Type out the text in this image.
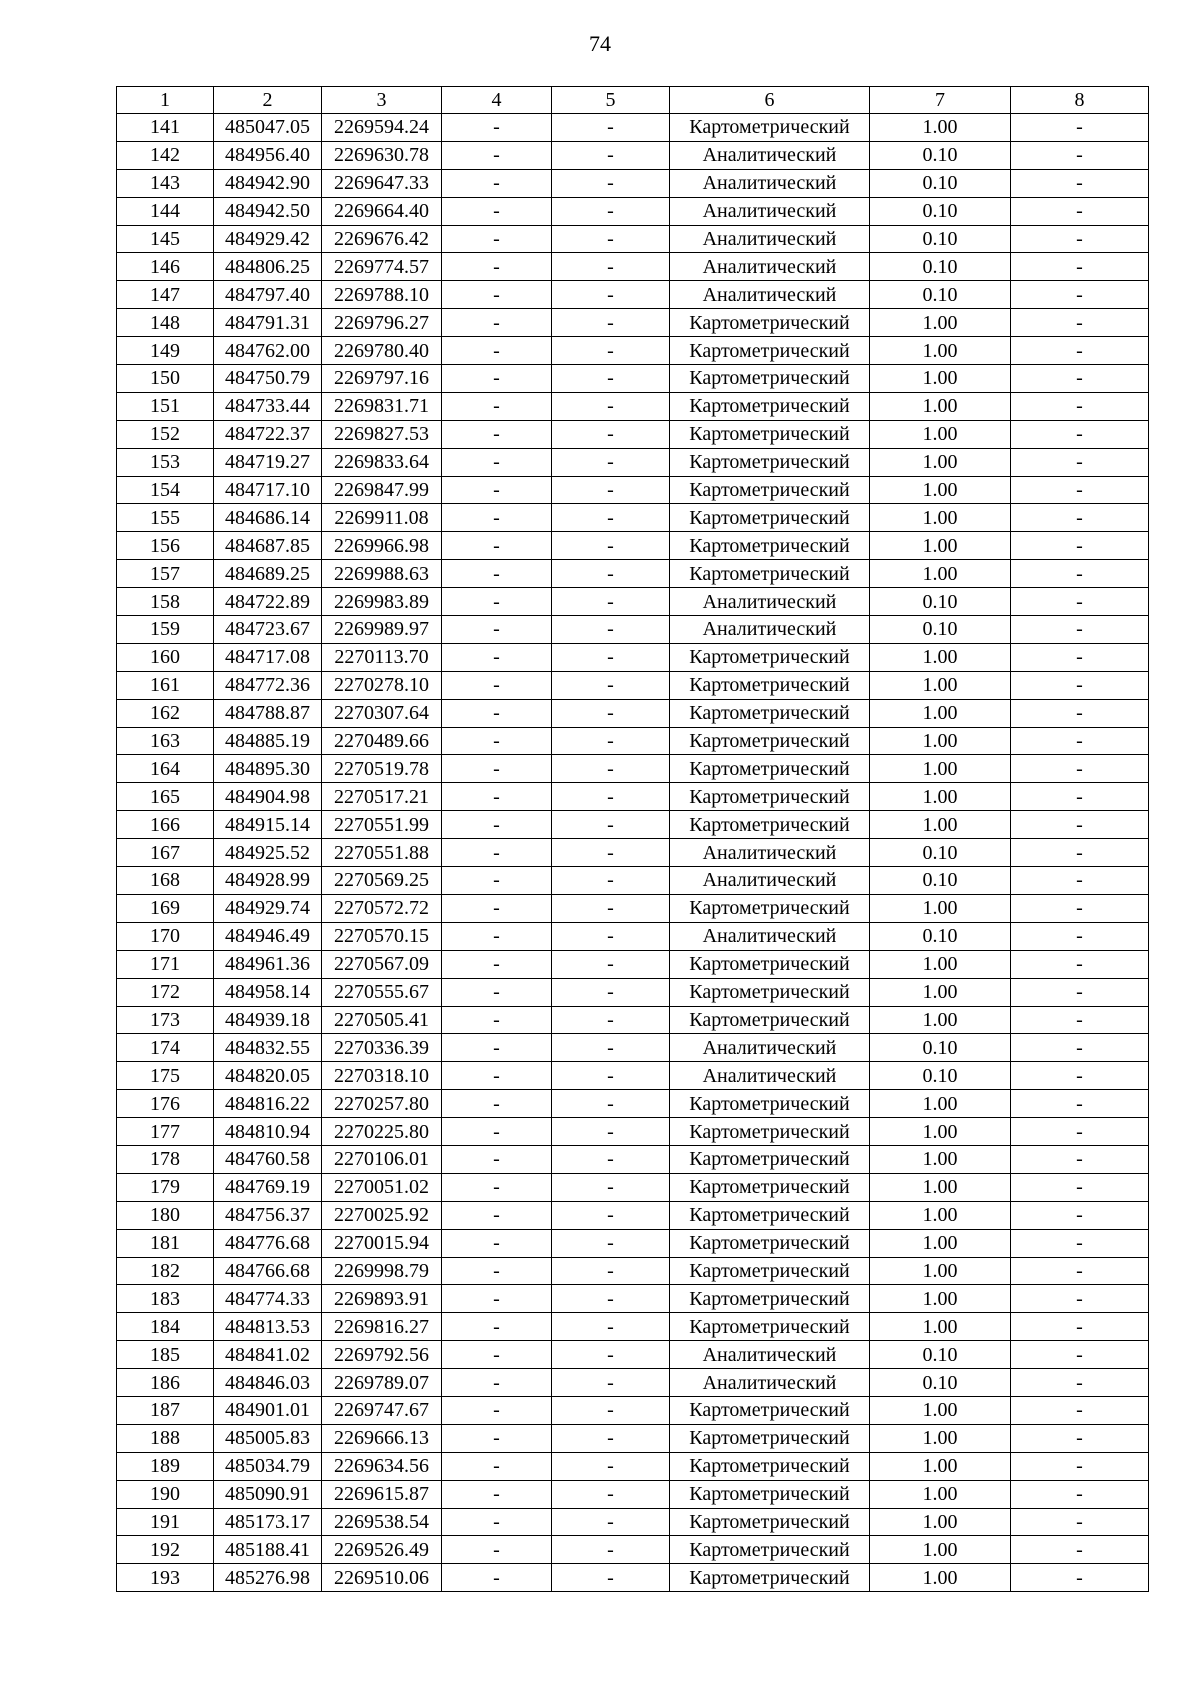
74
1	2	3	4	5	6	7	8
141	485047.05	2269594.24	-	-	Картометрический	1.00	-
142	484956.40	2269630.78	-	-	Аналитический	0.10	-
143	484942.90	2269647.33	-	-	Аналитический	0.10	-
144	484942.50	2269664.40	-	-	Аналитический	0.10	-
145	484929.42	2269676.42	-	-	Аналитический	0.10	-
146	484806.25	2269774.57	-	-	Аналитический	0.10	-
147	484797.40	2269788.10	-	-	Аналитический	0.10	-
148	484791.31	2269796.27	-	-	Картометрический	1.00	-
149	484762.00	2269780.40	-	-	Картометрический	1.00	-
150	484750.79	2269797.16	-	-	Картометрический	1.00	-
151	484733.44	2269831.71	-	-	Картометрический	1.00	-
152	484722.37	2269827.53	-	-	Картометрический	1.00	-
153	484719.27	2269833.64	-	-	Картометрический	1.00	-
154	484717.10	2269847.99	-	-	Картометрический	1.00	-
155	484686.14	2269911.08	-	-	Картометрический	1.00	-
156	484687.85	2269966.98	-	-	Картометрический	1.00	-
157	484689.25	2269988.63	-	-	Картометрический	1.00	-
158	484722.89	2269983.89	-	-	Аналитический	0.10	-
159	484723.67	2269989.97	-	-	Аналитический	0.10	-
160	484717.08	2270113.70	-	-	Картометрический	1.00	-
161	484772.36	2270278.10	-	-	Картометрический	1.00	-
162	484788.87	2270307.64	-	-	Картометрический	1.00	-
163	484885.19	2270489.66	-	-	Картометрический	1.00	-
164	484895.30	2270519.78	-	-	Картометрический	1.00	-
165	484904.98	2270517.21	-	-	Картометрический	1.00	-
166	484915.14	2270551.99	-	-	Картометрический	1.00	-
167	484925.52	2270551.88	-	-	Аналитический	0.10	-
168	484928.99	2270569.25	-	-	Аналитический	0.10	-
169	484929.74	2270572.72	-	-	Картометрический	1.00	-
170	484946.49	2270570.15	-	-	Аналитический	0.10	-
171	484961.36	2270567.09	-	-	Картометрический	1.00	-
172	484958.14	2270555.67	-	-	Картометрический	1.00	-
173	484939.18	2270505.41	-	-	Картометрический	1.00	-
174	484832.55	2270336.39	-	-	Аналитический	0.10	-
175	484820.05	2270318.10	-	-	Аналитический	0.10	-
176	484816.22	2270257.80	-	-	Картометрический	1.00	-
177	484810.94	2270225.80	-	-	Картометрический	1.00	-
178	484760.58	2270106.01	-	-	Картометрический	1.00	-
179	484769.19	2270051.02	-	-	Картометрический	1.00	-
180	484756.37	2270025.92	-	-	Картометрический	1.00	-
181	484776.68	2270015.94	-	-	Картометрический	1.00	-
182	484766.68	2269998.79	-	-	Картометрический	1.00	-
183	484774.33	2269893.91	-	-	Картометрический	1.00	-
184	484813.53	2269816.27	-	-	Картометрический	1.00	-
185	484841.02	2269792.56	-	-	Аналитический	0.10	-
186	484846.03	2269789.07	-	-	Аналитический	0.10	-
187	484901.01	2269747.67	-	-	Картометрический	1.00	-
188	485005.83	2269666.13	-	-	Картометрический	1.00	-
189	485034.79	2269634.56	-	-	Картометрический	1.00	-
190	485090.91	2269615.87	-	-	Картометрический	1.00	-
191	485173.17	2269538.54	-	-	Картометрический	1.00	-
192	485188.41	2269526.49	-	-	Картометрический	1.00	-
193	485276.98	2269510.06	-	-	Картометрический	1.00	-
